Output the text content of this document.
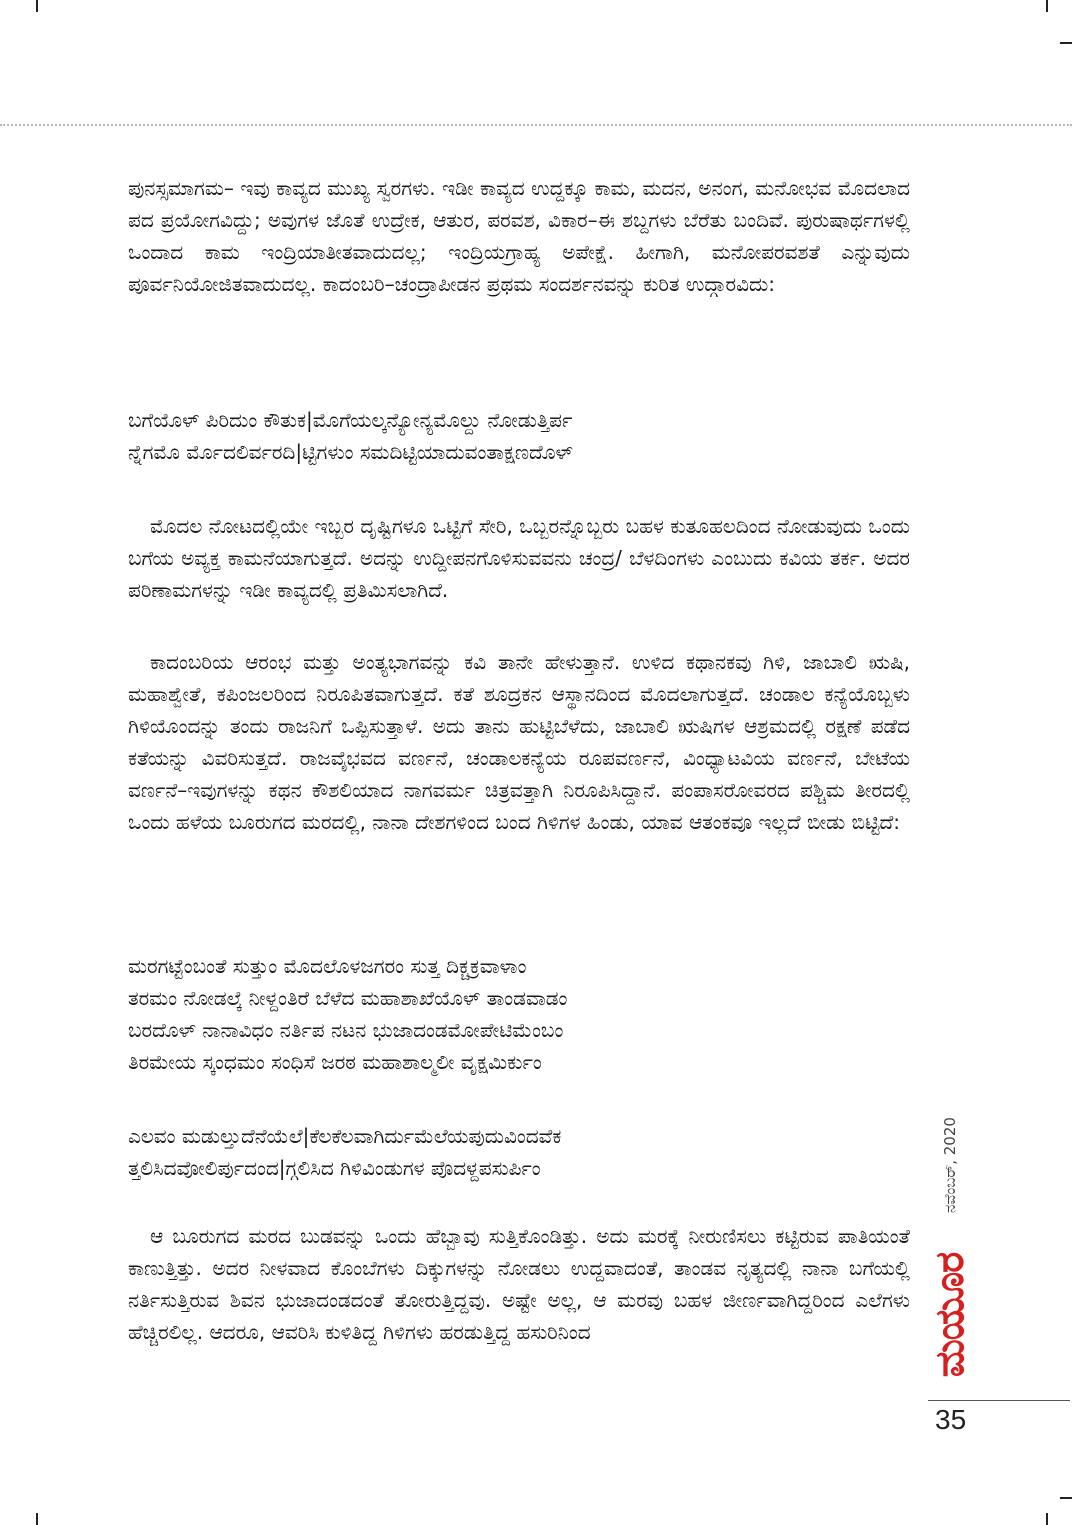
ಪುನಸ್ಸಮಾಗಮ– ಇವು ಕಾವ್ಯದ ಮುಖ್ಯ ಸ್ವರಗಳು. ಇಡೀ ಕಾವ್ಯದ ಉದ್ದಕ್ಕೂ ಕಾಮ, ಮದನ, ಅನಂಗ, ಮನೋಭವ ಮೊದಲಾದ ಪದ ಪ್ರಯೋಗವಿದ್ದು; ಅವುಗಳ ಜೊತೆ ಉದ್ರೇಕ, ಆತುರ, ಪರವಶ, ವಿಕಾರ–ಈ ಶಬ್ದಗಳು ಬೆರೆತು ಬಂದಿವೆ. ಪುರುಷಾರ್ಥಗಳಲ್ಲಿ ಒಂದಾದ ಕಾಮ ಇಂದ್ರಿಯಾತೀತವಾದುದಲ್ಲ; ಇಂದ್ರಿಯಗ್ರಾಹ್ಯ ಅಪೇಕ್ಷೆ. ಹೀಗಾಗಿ, ಮನೋಪರವಶತೆ ಎನ್ನುವುದು ಪೂರ್ವನಿಯೋಜಿತವಾದುದಲ್ಲ. ಕಾದಂಬರಿ–ಚಂದ್ರಾಪೀಡನ ಪ್ರಥಮ ಸಂದರ್ಶನವನ್ನು ಕುರಿತ ಉದ್ಗಾರವಿದು:

ಬಗೆಯೊಳ್ ಪಿರಿದುಂ ಕೌತುಕ|ಮೊಗೆಯಲ್ಕನ್ಯೋನ್ಯಮೊಲ್ದು ನೋಡುತ್ತಿರ್ಪ
ನ್ನೆಗಮೊ ರ್ಮೊದಲಿರ್ವರದಿ|ಟ್ಟಿಗಳುಂ ಸಮದಿಟ್ಟಿಯಾದುವಂತಾಕ್ಷಣದೊಳ್

ಮೊದಲ ನೋಟದಲ್ಲಿಯೇ ಇಬ್ಬರ ದೃಷ್ಟಿಗಳೂ ಒಟ್ಟಿಗೆ ಸೇರಿ, ಒಬ್ಬರನ್ನೊಬ್ಬರು ಬಹಳ ಕುತೂಹಲದಿಂದ ನೋಡುವುದು ಒಂದು ಬಗೆಯ ಅವ್ಯಕ್ತ ಕಾಮನೆಯಾಗುತ್ತದೆ. ಅದನ್ನು ಉದ್ದೀಪನಗೊಳಿಸುವವನು ಚಂದ್ರ/ ಬೆಳದಿಂಗಳು ಎಂಬುದು ಕವಿಯ ತರ್ಕ. ಅದರ ಪರಿಣಾಮಗಳನ್ನು ಇಡೀ ಕಾವ್ಯದಲ್ಲಿ ಪ್ರತಿಮಿಸಲಾಗಿದೆ.

ಕಾದಂಬರಿಯ ಆರಂಭ ಮತ್ತು ಅಂತ್ಯಭಾಗವನ್ನು ಕವಿ ತಾನೇ ಹೇಳುತ್ತಾನೆ. ಉಳಿದ ಕಥಾನಕವು ಗಿಳಿ, ಜಾಬಾಲಿ ಋಷಿ, ಮಹಾಶ್ವೇತೆ, ಕಪಿಂಜಲರಿಂದ ನಿರೂಪಿತವಾಗುತ್ತದೆ. ಕತೆ ಶೂದ್ರಕನ ಆಸ್ಥಾನದಿಂದ ಮೊದಲಾಗುತ್ತದೆ. ಚಂಡಾಲ ಕನ್ಯೆಯೊಬ್ಬಳು ಗಿಳಿಯೊಂದನ್ನು ತಂದು ರಾಜನಿಗೆ ಒಪ್ಪಿಸುತ್ತಾಳೆ. ಅದು ತಾನು ಹುಟ್ಟಿಬೆಳೆದು, ಜಾಬಾಲಿ ಋಷಿಗಳ ಆಶ್ರಮದಲ್ಲಿ ರಕ್ಷಣೆ ಪಡೆದ ಕತೆಯನ್ನು ವಿವರಿಸುತ್ತದೆ. ರಾಜವೈಭವದ ವರ್ಣನೆ, ಚಂಡಾಲಕನ್ಯೆಯ ರೂಪವರ್ಣನೆ, ವಿಂಧ್ಯಾಟವಿಯ ವರ್ಣನೆ, ಬೇಟೆಯ ವರ್ಣನೆ–ಇವುಗಳನ್ನು ಕಥನ ಕೌಶಲಿಯಾದ ನಾಗವರ್ಮ ಚಿತ್ರವತ್ತಾಗಿ ನಿರೂಪಿಸಿದ್ದಾನೆ. ಪಂಪಾಸರೋವರದ ಪಶ್ಚಿಮ ತೀರದಲ್ಲಿ ಒಂದು ಹಳೆಯ ಬೂರುಗದ ಮರದಲ್ಲಿ, ನಾನಾ ದೇಶಗಳಿಂದ ಬಂದ ಗಿಳಿಗಳ ಹಿಂಡು, ಯಾವ ಆತಂಕವೂ ಇಲ್ಲದೆ ಬೀಡು ಬಿಟ್ಟಿದೆ:

ಮರಗಟ್ಟೆಂಬಂತೆ ಸುತ್ತುಂ ಮೊದಲೊಳಜಗರಂ ಸುತ್ತ ದಿಕ್ಚಕ್ರವಾಳಾಂ
ತರಮಂ ನೋಡಲ್ಕೆ ನೀಳ್ದಂತಿರೆ ಬೆಳೆದ ಮಹಾಶಾಖೆಯೊಳ್ ತಾಂಡವಾಡಂ
ಬರದೊಳ್ ನಾನಾವಿಧಂ ನರ್ತಿಪ ನಟನ ಭುಜಾದಂಡಮೋಪೇಟಿಮೆಂಬಂ
ತಿರಮೇಯ ಸ್ಕಂಧಮಂ ಸಂಧಿಸೆ ಜರಠ ಮಹಾಶಾಲ್ಮಲೀ ವೃಕ್ಷಮಿರ್ಕುಂ
ಎಲವಂ ಮಡುಲ್ತುದೆನೆಯೆಲೆ|ಕೆಲಕೆಲವಾಗಿರ್ದುಮೆಲೆಯಪುದುವಿಂದವೆಕ
ತ್ತಲಿಸಿದವೋಲಿರ್ಪುದಂದ|ಗ್ಗಲಿಸಿದ ಗಿಳಿವಿಂಡುಗಳ ಪೊದಳ್ದಪಸುರ್ಪಿಂ

ಆ ಬೂರುಗದ ಮರದ ಬುಡವನ್ನು ಒಂದು ಹೆಬ್ಬಾವು ಸುತ್ತಿಕೊಂಡಿತ್ತು. ಅದು ಮರಕ್ಕೆ ನೀರುಣಿಸಲು ಕಟ್ಟಿರುವ ಪಾತಿಯಂತೆ ಕಾಣುತ್ತಿತ್ತು. ಅದರ ನೀಳವಾದ ಕೊಂಬೆಗಳು ದಿಕ್ಕುಗಳನ್ನು ನೋಡಲು ಉದ್ದವಾದಂತೆ, ತಾಂಡವ ನೃತ್ಯದಲ್ಲಿ ನಾನಾ ಬಗೆಯಲ್ಲಿ ನರ್ತಿಸುತ್ತಿರುವ ಶಿವನ ಭುಜಾದಂಡದಂತೆ ತೋರುತ್ತಿದ್ದವು. ಅಷ್ಟೇ ಅಲ್ಲ, ಆ ಮರವು ಬಹಳ ಜೀರ್ಣವಾಗಿದ್ದರಿಂದ ಎಲೆಗಳು ಹೆಚ್ಚಿರಲಿಲ್ಲ. ಆದರೂ, ಆವರಿಸಿ ಕುಳಿತಿದ್ದ ಗಿಳಿಗಳು ಹರಡುತ್ತಿದ್ದ ಹಸುರಿನಿಂದ

ನವೆಂಬರ್, 2020
ಮಯೂರ
35
